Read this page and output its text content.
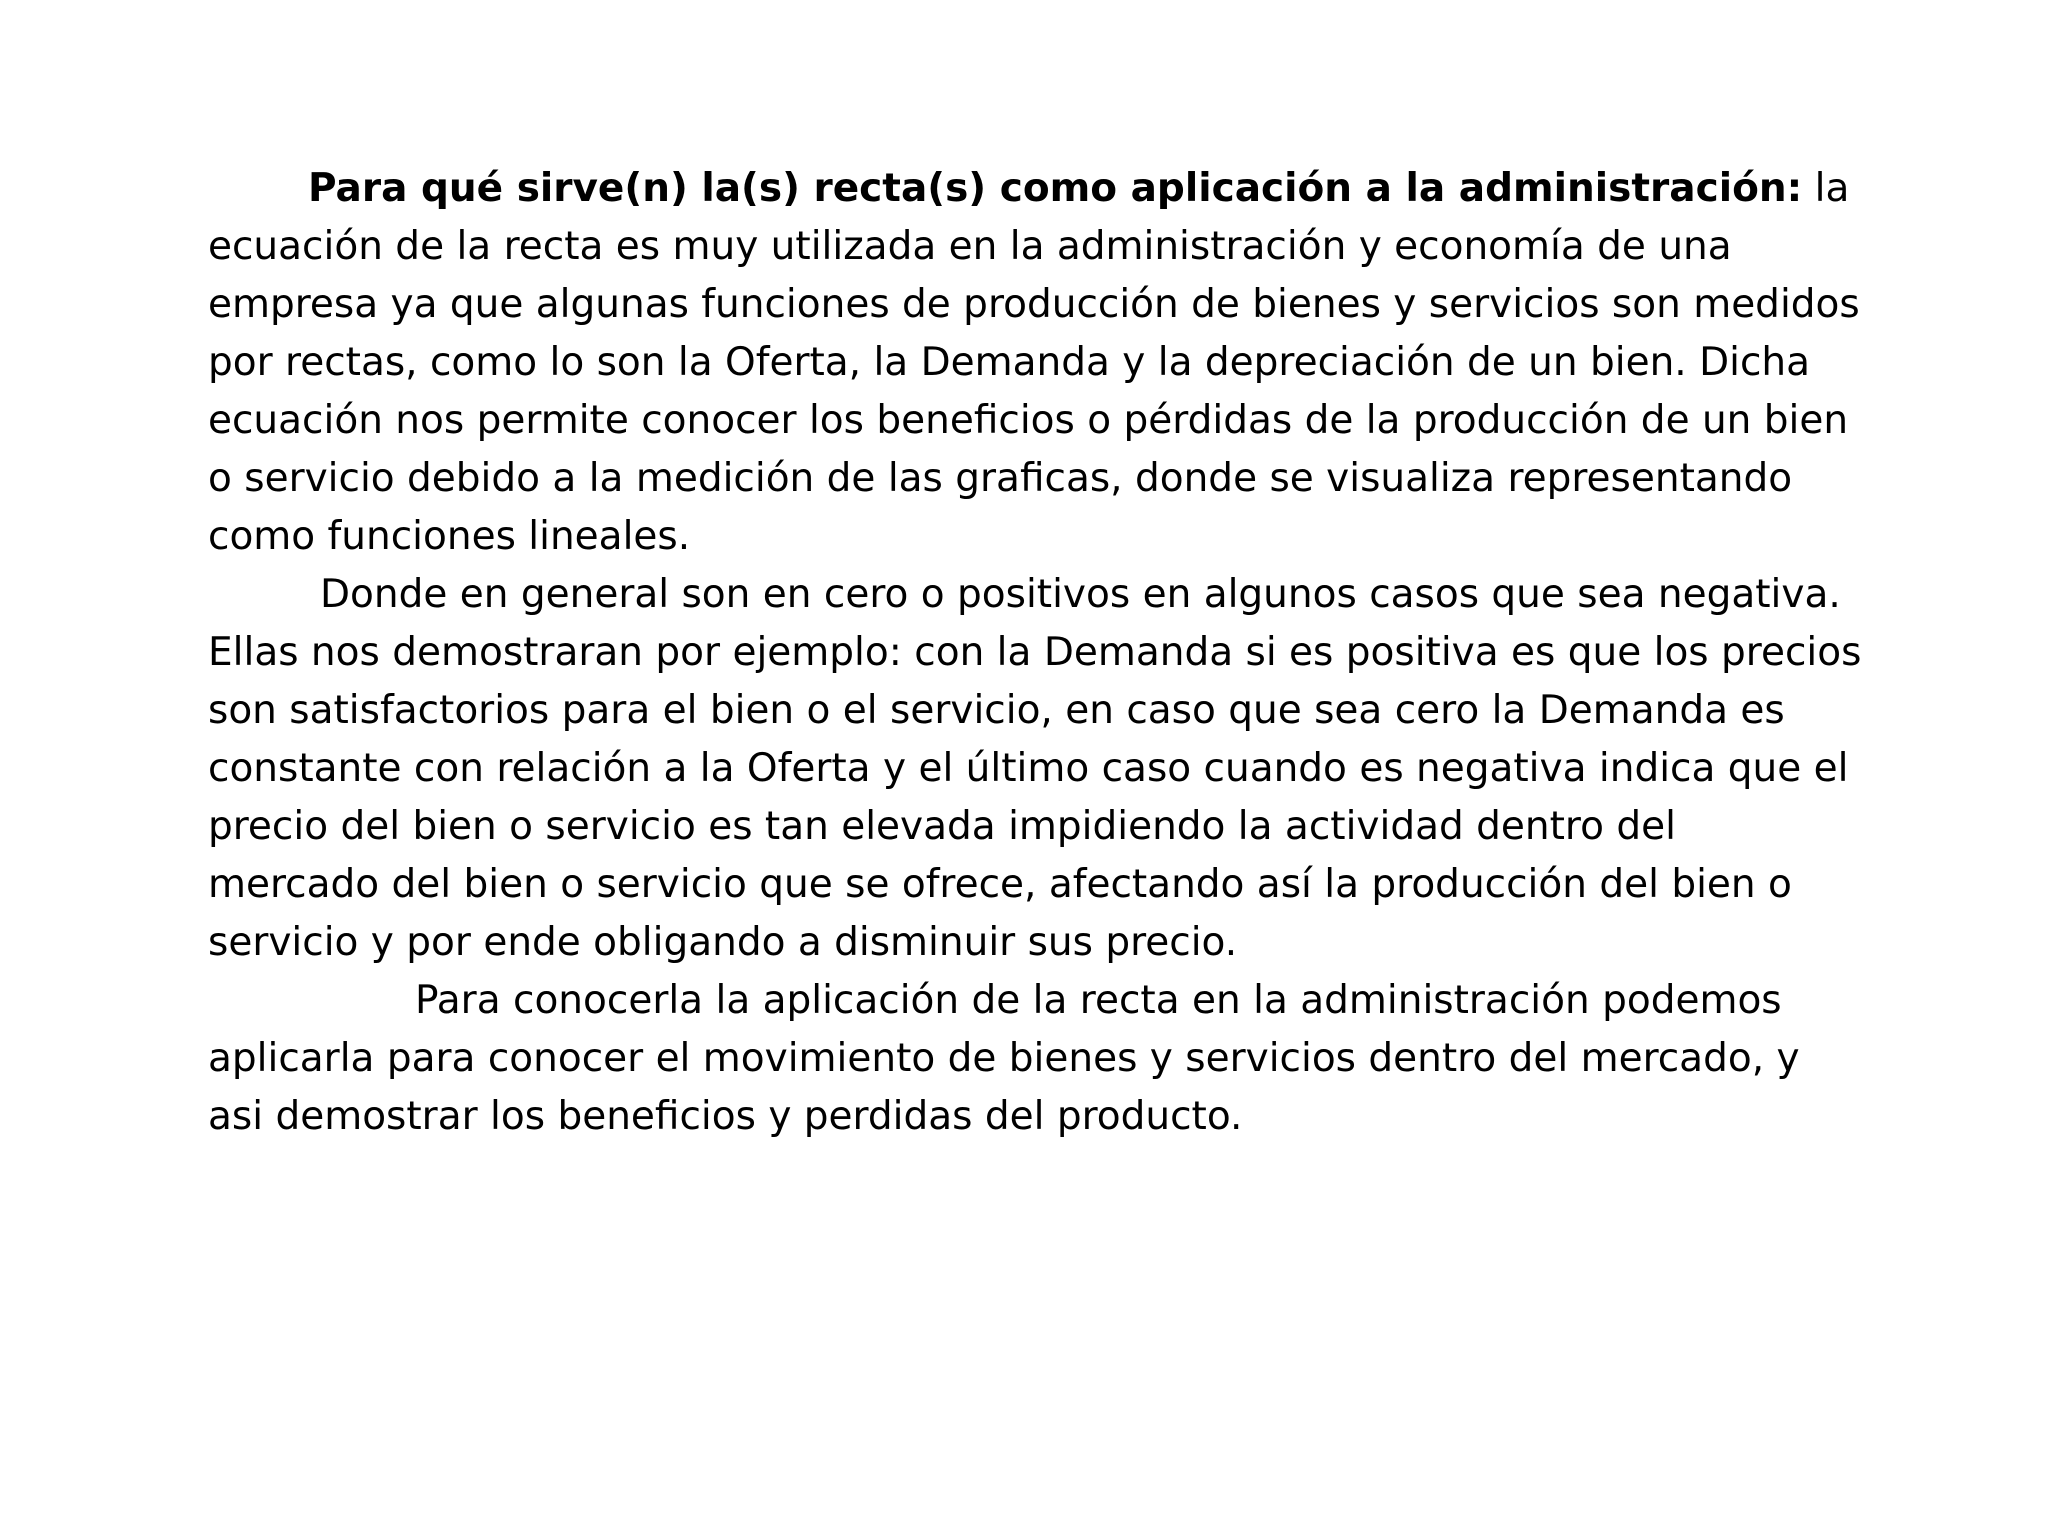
Para qué sirve(n) la(s) recta(s) como aplicación a la administración: la
ecuación de la recta es muy utilizada en la administración y economía de una
empresa ya que algunas funciones de producción de bienes y servicios son medidos
por rectas, como lo son la Oferta, la Demanda y la depreciación de un bien. Dicha
ecuación nos permite conocer los beneficios o pérdidas de la producción de un bien
o servicio debido a la medición de las graficas, donde se visualiza representando
como funciones lineales.
Donde en general son en cero o positivos en algunos casos que sea negativa.
Ellas nos demostraran por ejemplo: con la Demanda si es positiva es que los precios
son satisfactorios para el bien o el servicio, en caso que sea cero la Demanda es
constante con relación a la Oferta y el último caso cuando es negativa indica que el
precio del bien o servicio es tan elevada impidiendo la actividad dentro del
mercado del bien o servicio que se ofrece, afectando así la producción del bien o
servicio y por ende obligando a disminuir sus precio.
Para conocerla la aplicación de la recta en la administración podemos
aplicarla para conocer el movimiento de bienes y servicios dentro del mercado, y
asi demostrar los beneficios y perdidas del producto.
